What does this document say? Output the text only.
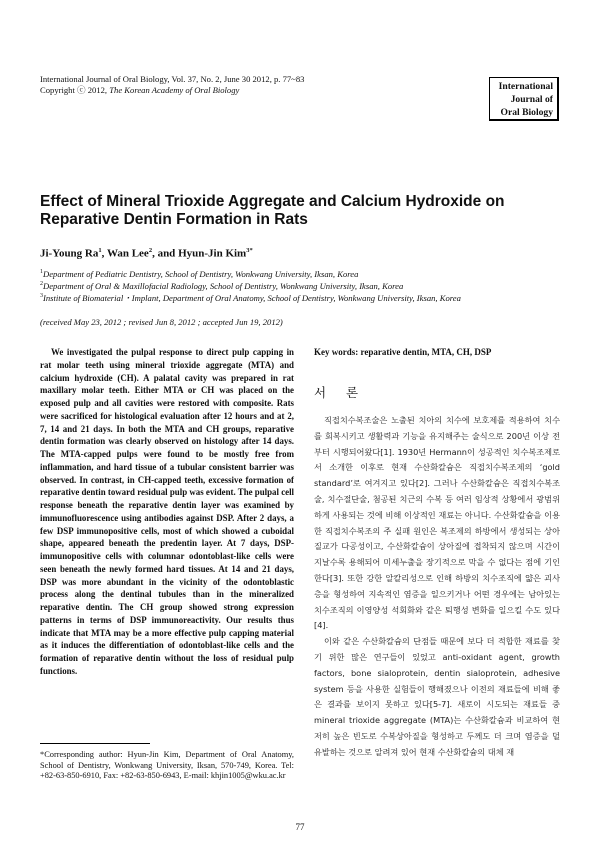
International Journal of Oral Biology, Vol. 37, No. 2, June 30 2012, p. 77~83
Copyright ⓒ 2012, The Korean Academy of Oral Biology	International
Journal of
Oral Biology
Effect of Mineral Trioxide Aggregate and Calcium Hydroxide on Reparative Dentin Formation in Rats
Ji-Young Ra$^1$, Wan Lee$^2$, and Hyun-Jin Kim$^{3*}$
$^1$Department of Pediatric Dentistry, School of Dentistry, Wonkwang University, Iksan, Korea
$^2$Department of Oral & Maxillofacial Radiology, School of Dentistry, Wonkwang University, Iksan, Korea
$^3$Institute of Biomaterial・Implant, Department of Oral Anatomy, School of Dentistry, Wonkwang University, Iksan, Korea
(received May 23, 2012 ; revised Jun 8, 2012 ; accepted Jun 19, 2012)
We investigated the pulpal response to direct pulp capping in rat molar teeth using mineral trioxide aggregate (MTA) and calcium hydroxide (CH). A palatal cavity was prepared in rat maxillary molar teeth. Either MTA or CH was placed on the exposed pulp and all cavities were restored with composite. Rats were sacrificed for histological evaluation after 12 hours and at 2, 7, 14 and 21 days. In both the MTA and CH groups, reparative dentin formation was clearly observed on histology after 14 days. The MTA-capped pulps were found to be mostly free from inflammation, and hard tissue of a tubular consistent barrier was observed. In contrast, in CH-capped teeth, excessive formation of reparative dentin toward residual pulp was evident. The pulpal cell response beneath the reparative dentin layer was examined by immunofluorescence using antibodies against DSP. After 2 days, a few DSP immunopositive cells, most of which showed a cuboidal shape, appeared beneath the predentin layer. At 7 days, DSP-immunopositive cells with columnar odontoblast-like cells were seen beneath the newly formed hard tissues. At 14 and 21 days, DSP was more abundant in the vicinity of the odontoblastic process along the dentinal tubules than in the mineralized reparative dentin. The CH group showed strong expression patterns in terms of DSP immunoreactivity. Our results thus indicate that MTA may be a more effective pulp capping material as it induces the differentiation of odontoblast-like cells and the formation of reparative dentin without the loss of residual pulp functions.
Key words: reparative dentin, MTA, CH, DSP
서 론

직접치수복조술은 노출된 치아의 치수에 보호제를 적용하여 치수를 회복시키고 생활력과 기능을 유지해주는 술식으로 200년 이상 전부터 시행되어왔다[1]. 1930년 Hermann이 성공적인 치수복조제로서 소개한 이후로 현재 수산화칼슘은 직접치수복조제의 ‘gold standard’로 여겨지고 있다[2]. 그러나 수산화칼슘은 직접치수복조술, 치수절단술, 첨공된 치근의 수복 등 여러 임상적 상황에서 광범위하게 사용되는 것에 비해 이상적인 재료는 아니다. 수산화칼슘을 이용한 직접치수복조의 주 실패 원인은 복조제의 하방에서 생성되는 상아질교가 다공성이고, 수산화칼슘이 상아질에 접착되지 않으며 시간이 지날수록 용해되어 미세누출을 장기적으로 막을 수 없다는 점에 기인한다[3]. 또한 강한 알칼리성으로 인해 하방의 치수조직에 얇은 괴사층을 형성하여 지속적인 염증을 일으키거나 어떤 경우에는 남아있는 치수조직의 이영양성 석회화와 같은 퇴행성 변화를 일으킬 수도 있다[4].

이와 같은 수산화칼슘의 단점들 때문에 보다 더 적합한 재료를 찾기 위한 많은 연구들이 있었고 anti-oxidant agent, growth factors, bone sialoprotein, dentin sialoprotein, adhesive system 등을 사용한 실험들이 행해졌으나 이전의 재료들에 비해 좋은 결과를 보이지 못하고 있다[5-7]. 새로이 시도되는 재료들 중 mineral trioxide aggregate (MTA)는 수산화칼슘과 비교하여 현저히 높은 빈도로 수복상아질을 형성하고 두께도 더 크며 염증을 덜 유발하는 것으로 알려져 있어 현재 수산화칼슘의 대체 재

*Corresponding author: Hyun-Jin Kim, Department of Oral Anatomy, School of Dentistry, Wonkwang University, Iksan, 570-749, Korea. Tel: +82-63-850-6910, Fax: +82-63-850-6943, E-mail: khjin1005@wku.ac.kr
77
